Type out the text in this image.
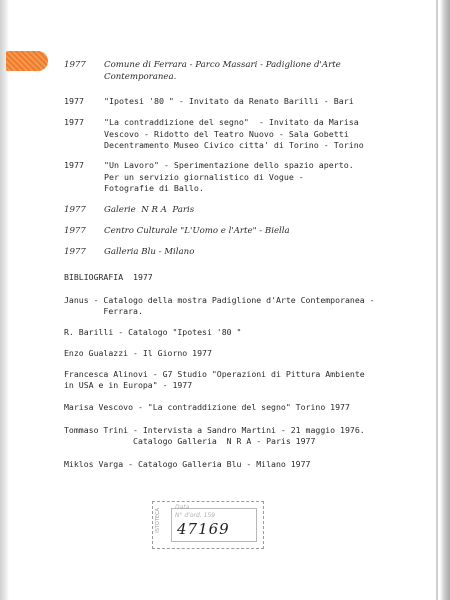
1977 Comune di Ferrara - Parco Massari - Padiglione d'Arte
Contemporanea.
1977 "Ipotesi '80 " - Invitato da Renato Barilli - Bari
1977 "La contraddizione del segno"  - Invitato da Marisa
Vescovo - Ridotto del Teatro Nuovo - Sala Gobetti
Decentramento Museo Civico citta' di Torino - Torino
1977 "Un Lavoro" - Sperimentazione dello spazio aperto.
Per un servizio giornalistico di Vogue -
Fotografie di Ballo.
1977 Galerie  N R A  Paris
1977 Centro Culturale "L'Uomo e l'Arte" - Biella
1977 Galleria Blu - Milano
BIBLIOGRAFIA  1977
Janus - Catalogo della mostra Padiglione d'Arte Contemporanea -
Ferrara.
R. Barilli - Catalogo "Ipotesi '80 "
Enzo Gualazzi - Il Giorno 1977
Francesca Alinovi - G7 Studio "Operazioni di Pittura Ambiente
in USA e in Europa" - 1977
Marisa Vescovo - "La contraddizione del segno" Torino 1977
Tommaso Trini - Intervista a Sandro Martini - 21 maggio 1976.
Catalogo Galleria  N R A - Paris 1977
Miklos Varga - Catalogo Galleria Blu - Milano 1977
ISTOTECA
Data
N° d'ord. 159
47169
